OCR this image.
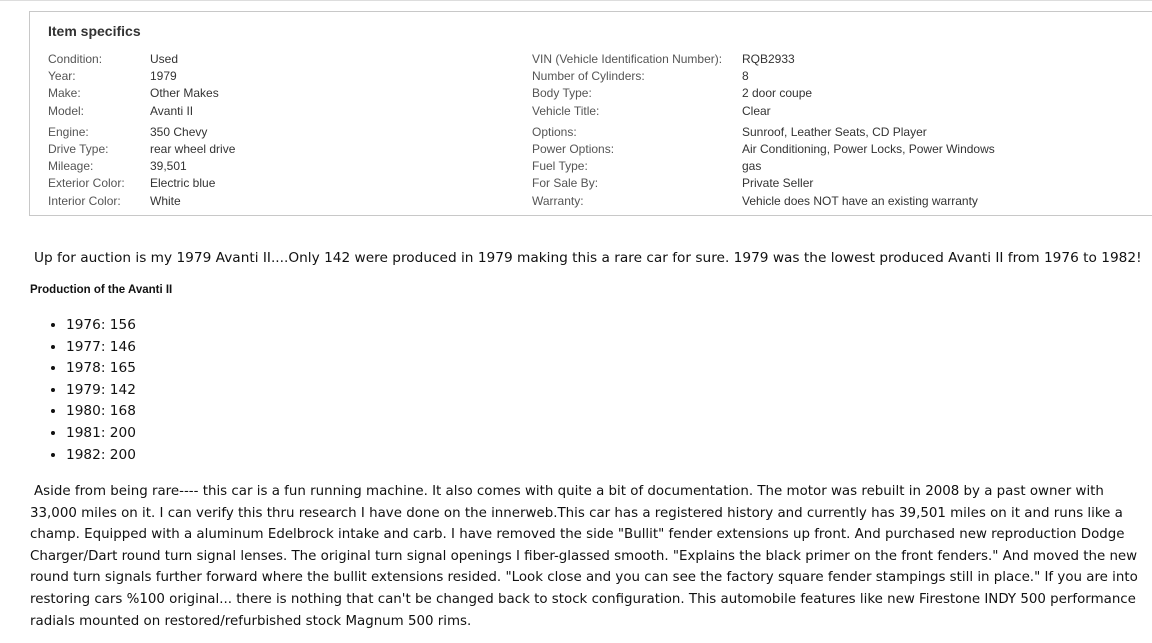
Item specifics
Condition:	Used
Year:	1979
Make:	Other Makes
Model:	Avanti II
Engine:	350 Chevy
Drive Type:	rear wheel drive
Mileage:	39,501
Exterior Color: Electric blue
Interior Color: White
VIN (Vehicle Identification Number): RQB2933
Number of Cylinders:	8
Body Type:	2 door coupe
Vehicle Title:	Clear
Options:	Sunroof, Leather Seats, CD Player
Power Options:	Air Conditioning, Power Locks, Power Windows
Fuel Type:	gas
For Sale By:	Private Seller
Warranty:	Vehicle does NOT have an existing warranty

Up for auction is my 1979 Avanti II....Only 142 were produced in 1979 making this a rare car for sure. 1979 was the lowest produced Avanti II from 1976 to 1982!

Production of the Avanti II
• 1976: 156
• 1977: 146
• 1978: 165
• 1979: 142
• 1980: 168
• 1981: 200
• 1982: 200

Aside from being rare---- this car is a fun running machine. It also comes with quite a bit of documentation. The motor was rebuilt in 2008 by a past owner with 33,000 miles on it. I can verify this thru research I have done on the innerweb.This car has a registered history and currently has 39,501 miles on it and runs like a champ. Equipped with a aluminum Edelbrock intake and carb. I have removed the side "Bullit" fender extensions up front. And purchased new reproduction Dodge Charger/Dart round turn signal lenses. The original turn signal openings I fiber-glassed smooth. "Explains the black primer on the front fenders." And moved the new round turn signals further forward where the bullit extensions resided. "Look close and you can see the factory square fender stampings still in place." If you are into restoring cars %100 original... there is nothing that can't be changed back to stock configuration. This automobile features like new Firestone INDY 500 performance radials mounted on restored/refurbished stock Magnum 500 rims.
